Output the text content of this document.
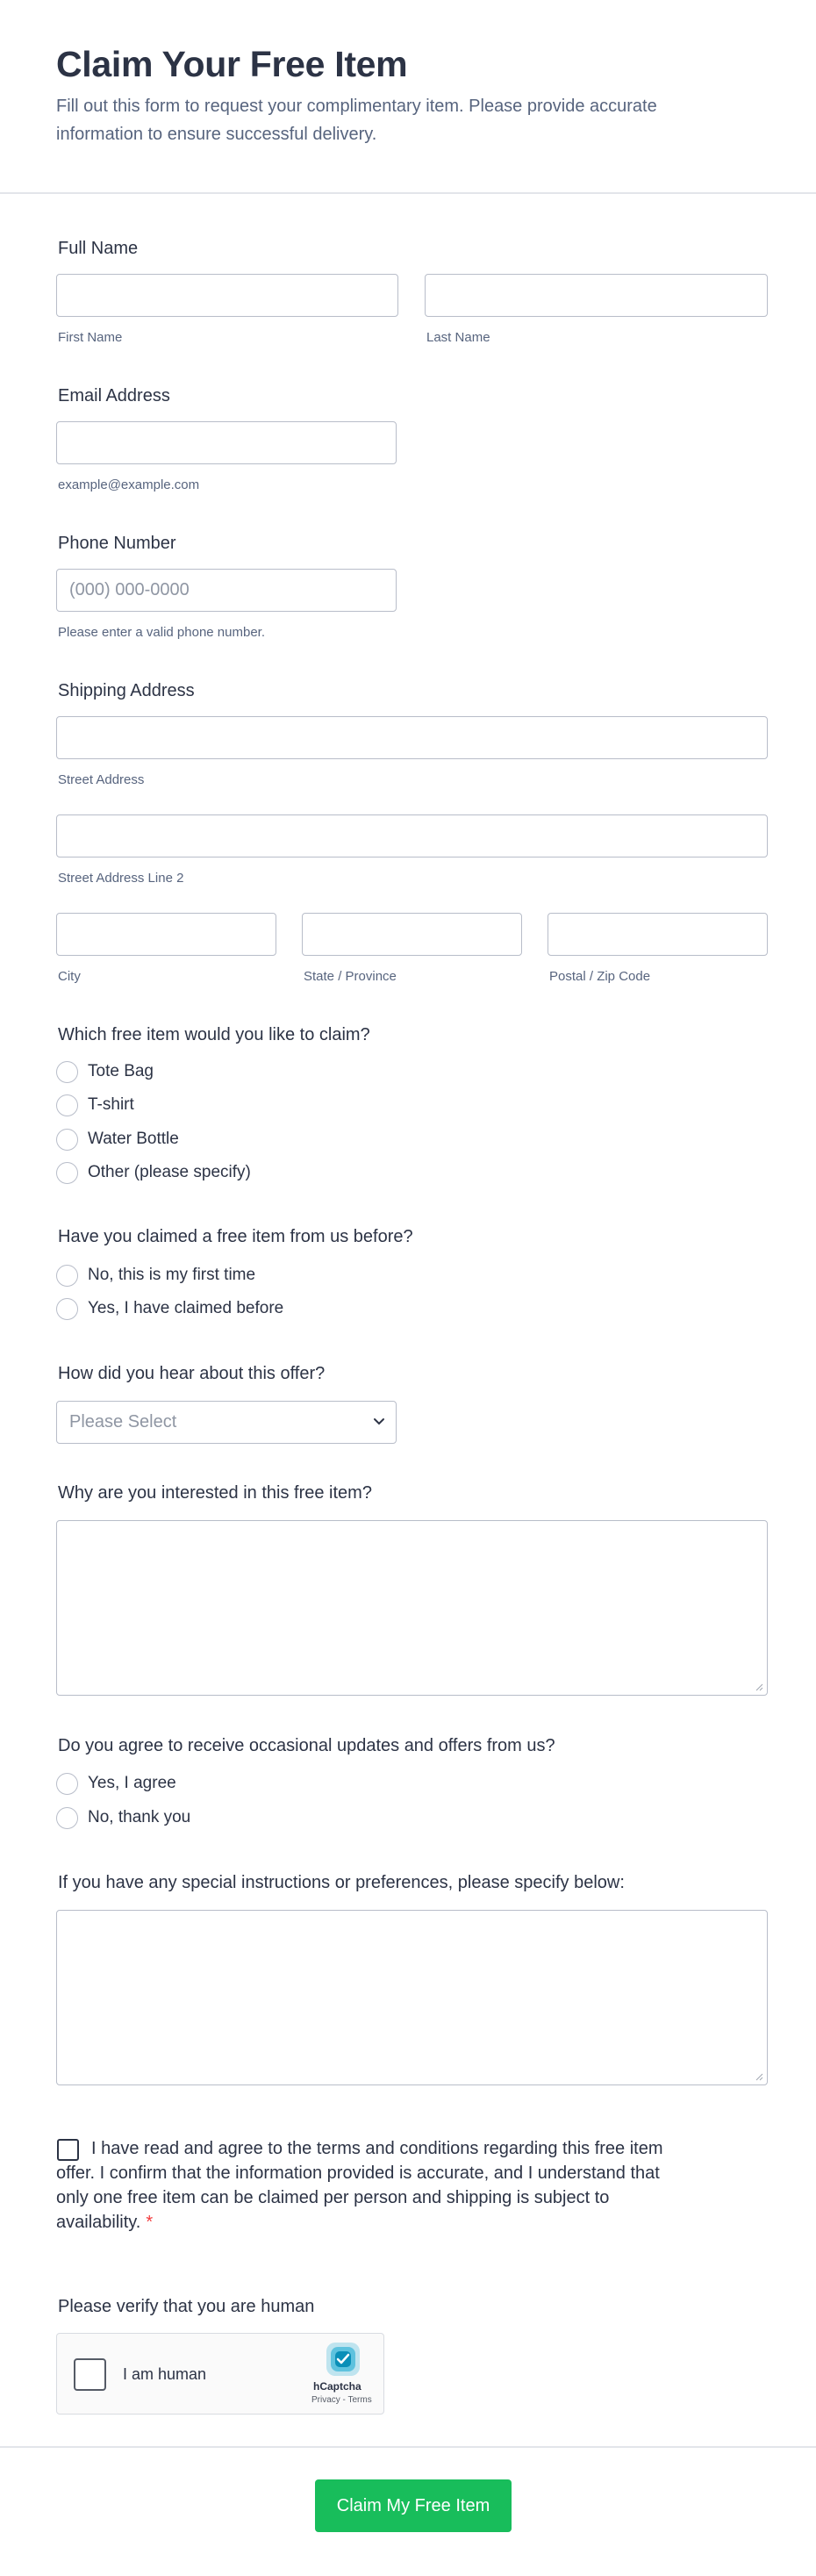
Claim Your Free Item
Fill out this form to request your complimentary item. Please provide accurate information to ensure successful delivery.
Full Name
First Name	Last Name
Email Address
example@example.com
Phone Number
(000) 000-0000
Please enter a valid phone number.
Shipping Address
Street Address
Street Address Line 2
City	State / Province	Postal / Zip Code
Which free item would you like to claim?
Tote Bag
T-shirt
Water Bottle
Other (please specify)
Have you claimed a free item from us before?
No, this is my first time
Yes, I have claimed before
How did you hear about this offer?
Please Select
Why are you interested in this free item?
Do you agree to receive occasional updates and offers from us?
Yes, I agree
No, thank you
If you have any special instructions or preferences, please specify below:
I have read and agree to the terms and conditions regarding this free item offer. I confirm that the information provided is accurate, and I understand that only one free item can be claimed per person and shipping is subject to availability. *
Please verify that you are human
I am human
hCaptcha
Privacy - Terms
Claim My Free Item
